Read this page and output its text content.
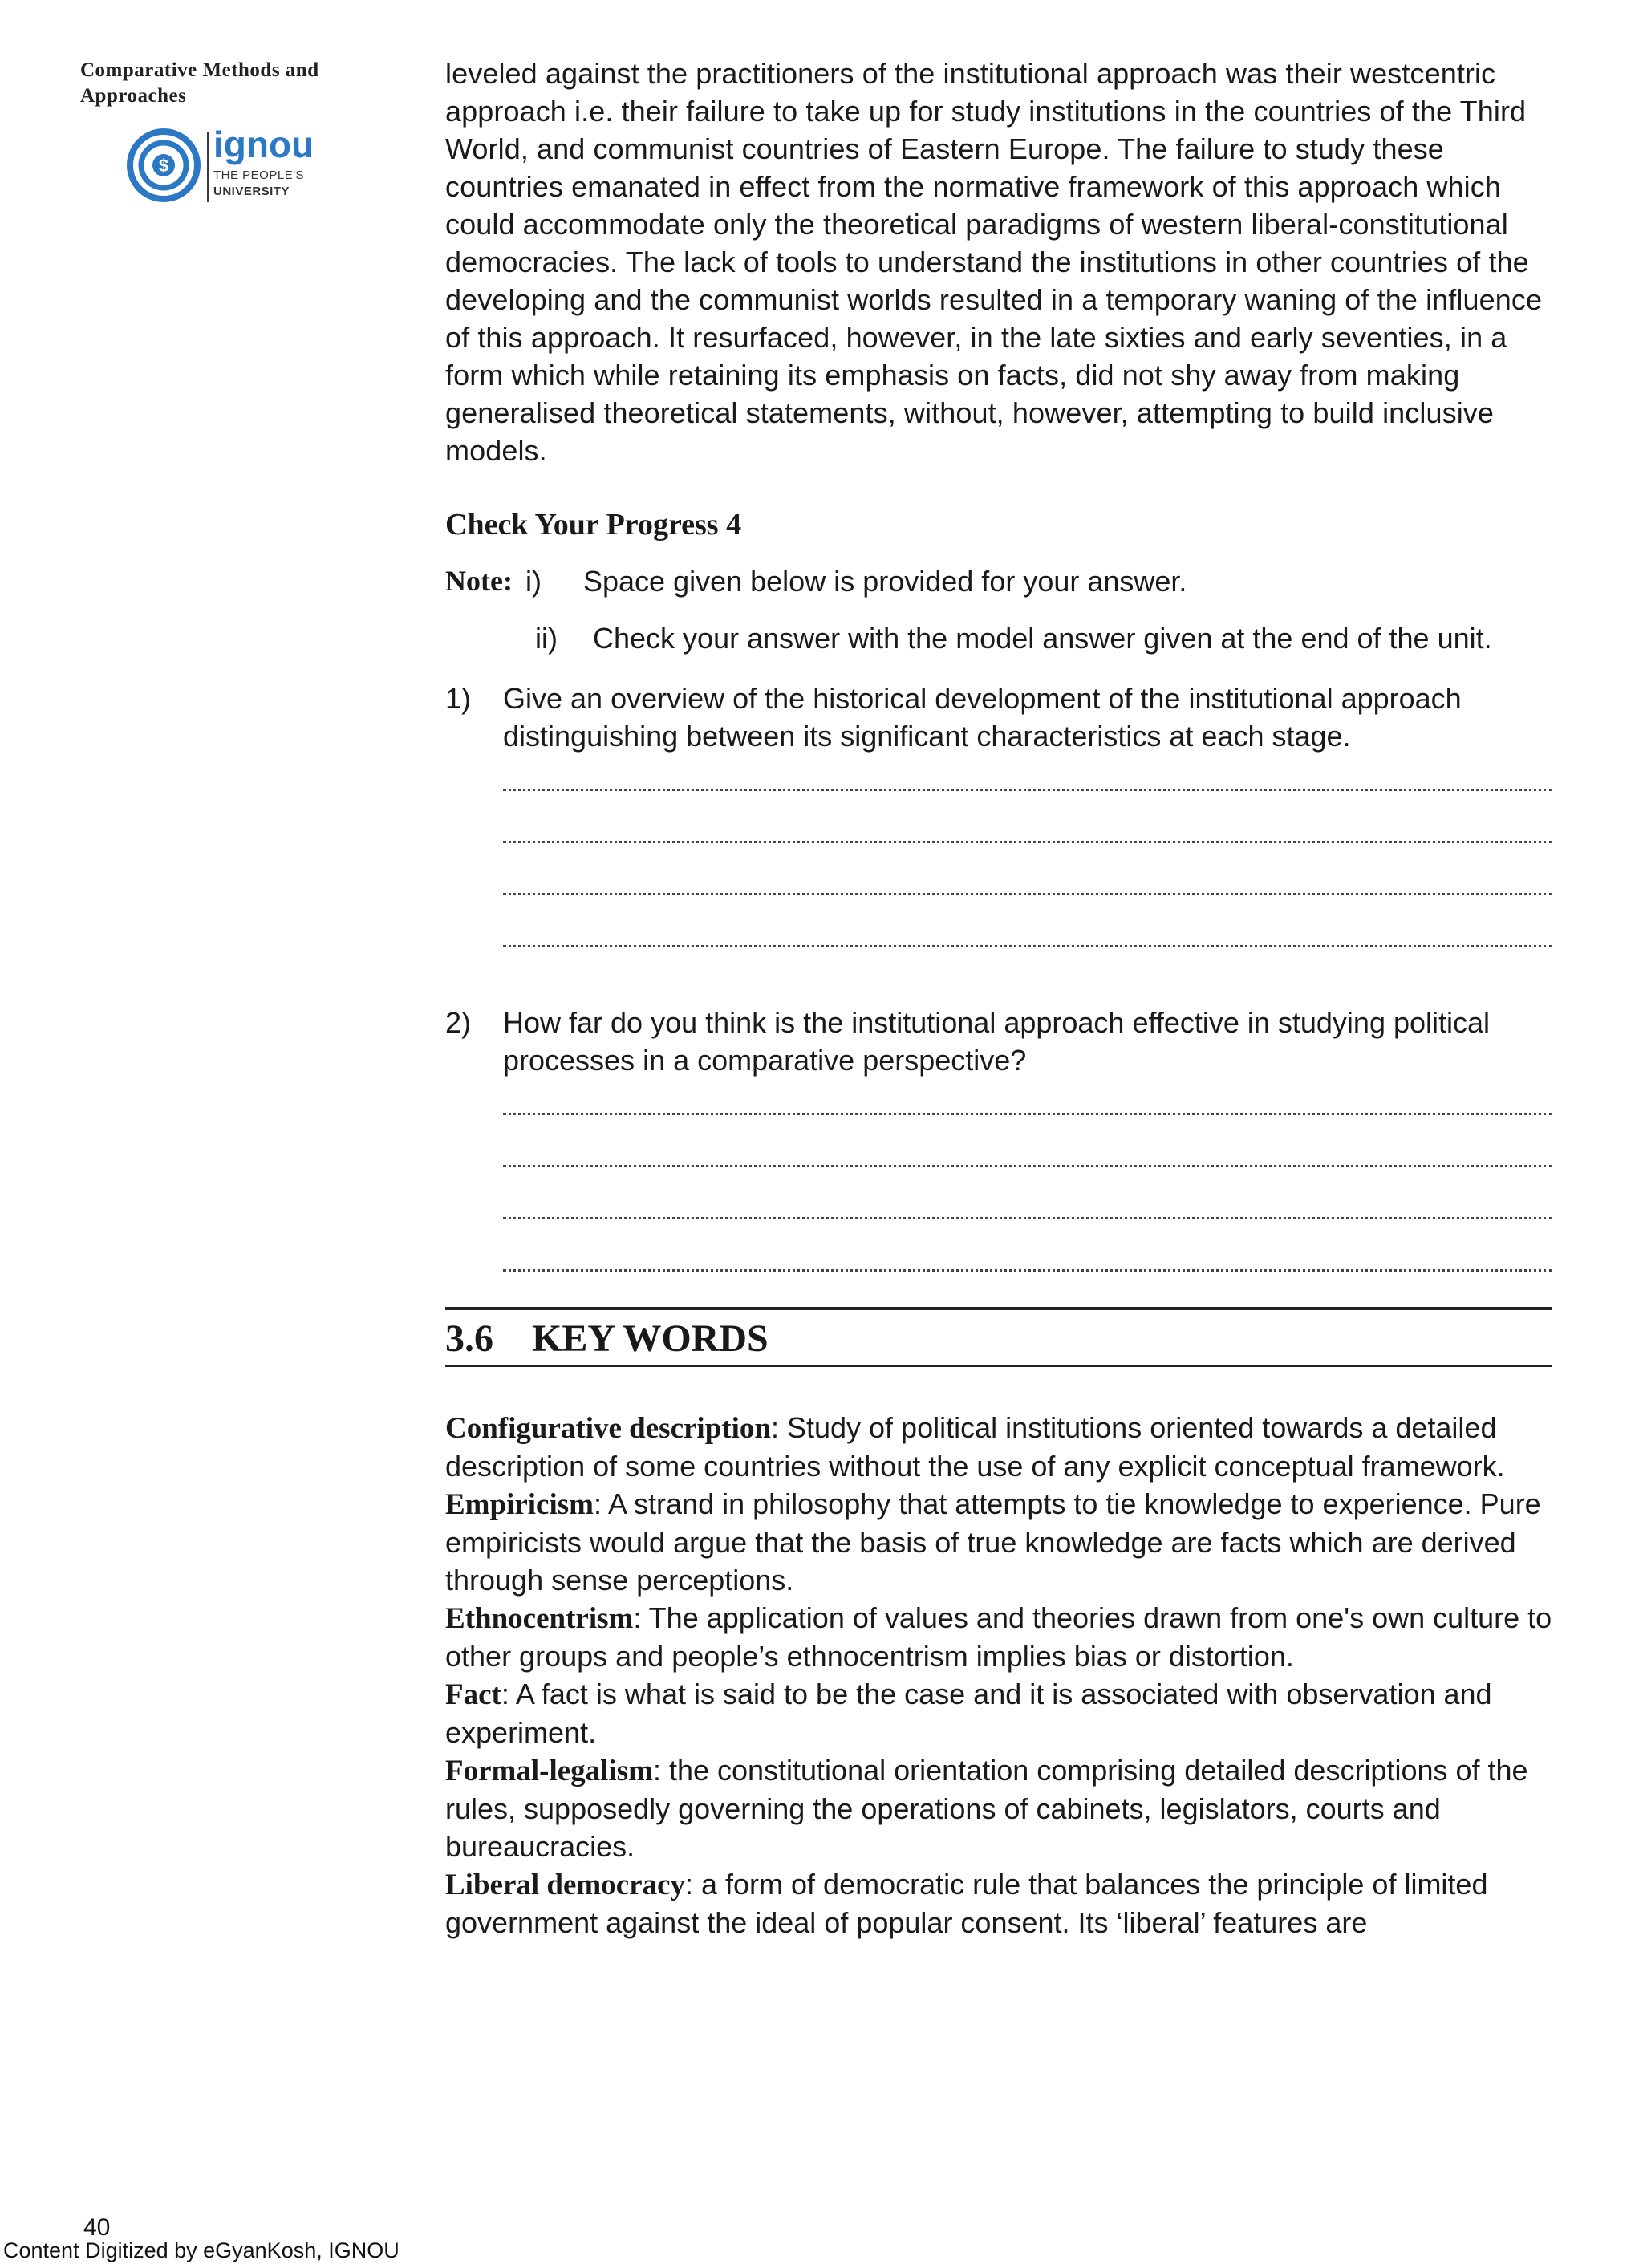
Comparative Methods and
Approaches
$
ignou
THE PEOPLE'S
UNIVERSITY

leveled against the practitioners of the institutional approach was their westcentric approach i.e. their failure to take up for study institutions in the countries of the Third World, and communist countries of Eastern Europe. The failure to study these countries emanated in effect from the normative framework of this approach which could accommodate only the theoretical paradigms of western liberal-constitutional democracies. The lack of tools to understand the institutions in other countries of the developing and the communist worlds resulted in a temporary waning of the influence of this approach. It resurfaced, however, in the late sixties and early seventies, in a form which while retaining its emphasis on facts, did not shy away from making generalised theoretical statements, without, however, attempting to build inclusive models.

Check Your Progress 4

Note: i)	Space given below is provided for your answer.
ii)	Check your answer with the model answer given at the end of the unit.
1)	Give an overview of the historical development of the institutional approach distinguishing between its significant characteristics at each stage.
2)	How far do you think is the institutional approach effective in studying political processes in a comparative perspective?
3.6 KEY WORDS

Configurative description: Study of political institutions oriented towards a detailed description of some countries without the use of any explicit conceptual framework.

Empiricism: A strand in philosophy that attempts to tie knowledge to experience. Pure empiricists would argue that the basis of true knowledge are facts which are derived through sense perceptions.

Ethnocentrism: The application of values and theories drawn from one's own culture to other groups and people’s ethnocentrism implies bias or distortion.

Fact: A fact is what is said to be the case and it is associated with observation and experiment.

Formal-legalism: the constitutional orientation comprising detailed descriptions of the rules, supposedly governing the operations of cabinets, legislators, courts and bureaucracies.

Liberal democracy: a form of democratic rule that balances the principle of limited government against the ideal of popular consent. Its ‘liberal’ features are

40
Content Digitized by eGyanKosh, IGNOU
